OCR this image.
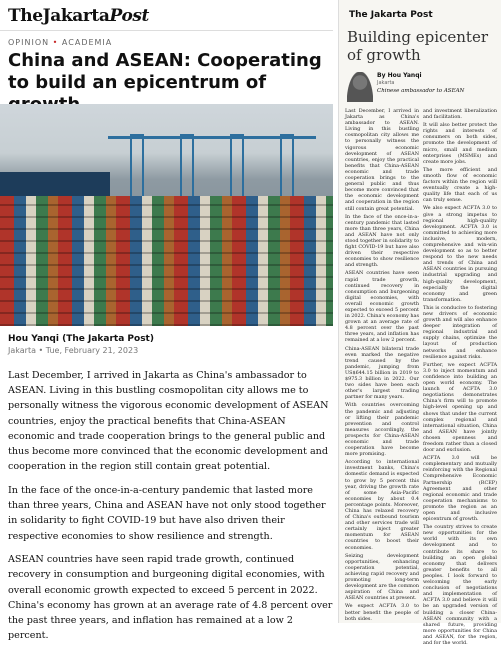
TheJakartaPost
OPINION • ACADEMIA
China and ASEAN: Cooperating to build an epicentrum of
Hou Yanqi (The Jakarta Post)
Jakarta • Tue, February 21, 2023

Last December, I arrived in Jakarta as China's ambassador to ASEAN. Living in this bustling cosmopolitan city allows me to personally witness the vigorous economic development of ASEAN countries, enjoy the practical benefits that China-ASEAN economic and trade cooperation brings to the general public and thus become more convinced that the economic development and cooperation in the region still contain great potential.

In the face of the once-in-a-century pandemic that lasted more than three years, China and ASEAN have not only stood together in solidarity to fight COVID-19 but have also driven their respective economies to show resilience and strength.

ASEAN countries have seen rapid trade growth, continued recovery in consumption and burgeoning digital economies, with overall economic growth expected to exceed 5 percent in 2022. China's economy has grown at an average rate of 4.8 percent over the past three years, and inflation has remained at a low 2 percent.

The Jakarta Post
Building epicenter of growth
By Hou Yanqi
Jakarta
Chinese ambassador to ASEAN

Last December, I arrived in Jakarta as China's ambassador to ASEAN. Living in this bustling cosmopolitan city allows me to personally witness the vigorous economic development of ASEAN countries, enjoy the practical benefits that China-ASEAN economic and trade cooperation brings to the general public and thus become more convinced that the economic development and cooperation in the region still contain great potential.

In the face of the once-in-a-century pandemic that lasted more than three years, China and ASEAN have not only stood together in solidarity to fight COVID-19 but have also driven their respective economies to show resilience and strength.

ASEAN countries have seen rapid trade growth, continued recovery in consumption and burgeoning digital economies, with overall economic growth expected to exceed 5 percent in 2022. China's economy has grown at an average rate of 4.8 percent over the past three years, and inflation has remained at a low 2 percent.

China-ASEAN bilateral trade even marked the negative trend caused by the pandemic, jumping from US$644.15 billion in 2019 to $975.3 billion in 2022. Our two sides have been each other's largest trading partner for many years.

With countries overcoming the pandemic and adjusting or lifting their pandemic prevention and control measures accordingly, the prospects for China-ASEAN economic and trade cooperation have become more promising.

According to international investment banks, China's domestic demand is expected to grow by 5 percent this year, driving the growth rate of some Asia-Pacific economies by about 0.4 percentage points. Moreover, China has relaxed recovery of China's outbound tourism and other services trade will certainly inject greater momentum for ASEAN countries to boost their economies.

Seizing development opportunities, enhancing cooperation potential, achieving rapid recovery and promoting long-term development are the common aspiration of China and ASEAN countries at present.

We expect ACFTA 3.0 to better benefit the people of both sides.

and investment liberalization and facilitation.

It will also better protect the rights and interests of consumers on both sides, promote the development of micro, small and medium enterprises (MSMEs) and create more jobs.

The more efficient and smooth flow of economic factors within the region will eventually create a high-quality life that each of us can truly sense.

We also expect ACFTA 3.0 to give a strong impetus to regional high-quality development. ACFTA 3.0 is committed to achieving more inclusive, modern, comprehensive and win-win development so as to better respond to the new needs and trends of China and ASEAN countries in pursuing industrial upgrading and high-quality development, especially the digital economy and green transformation.

This is conducive to fostering new drivers of economic growth and will also enhance deeper integration of regional industrial and supply chains, optimize the layout of production networks and enhance resilience against risks.

Further, we expect ACFTA 3.0 to inject momentum and confidence into building an open world economy. The launch of ACFTA 3.0 negotiations demonstrates China's firm will to promote high-level opening up and shows that under the current complex regional and international situation, China and ASEAN have jointly chosen openness and freedom rather than a closed door and exclusion.

ACFTA 3.0 will be complementary and mutually reinforcing with the Regional Comprehensive Economic Partnership (RCEP) Agreement and other regional economic and trade cooperation mechanisms to promote the region as an open and inclusive epicentrum of growth.

The country strives to create new opportunities for the world with its own development and to contribute its share to building an open global economy that delivers greater benefits to all peoples. I look forward to welcoming the early conclusion of negotiations and implementation of ACFTA 3.0 and believe it will be an upgraded version of building a closer China-ASEAN community with a shared future, providing more opportunities for China and ASEAN, for the region, and for the world.
